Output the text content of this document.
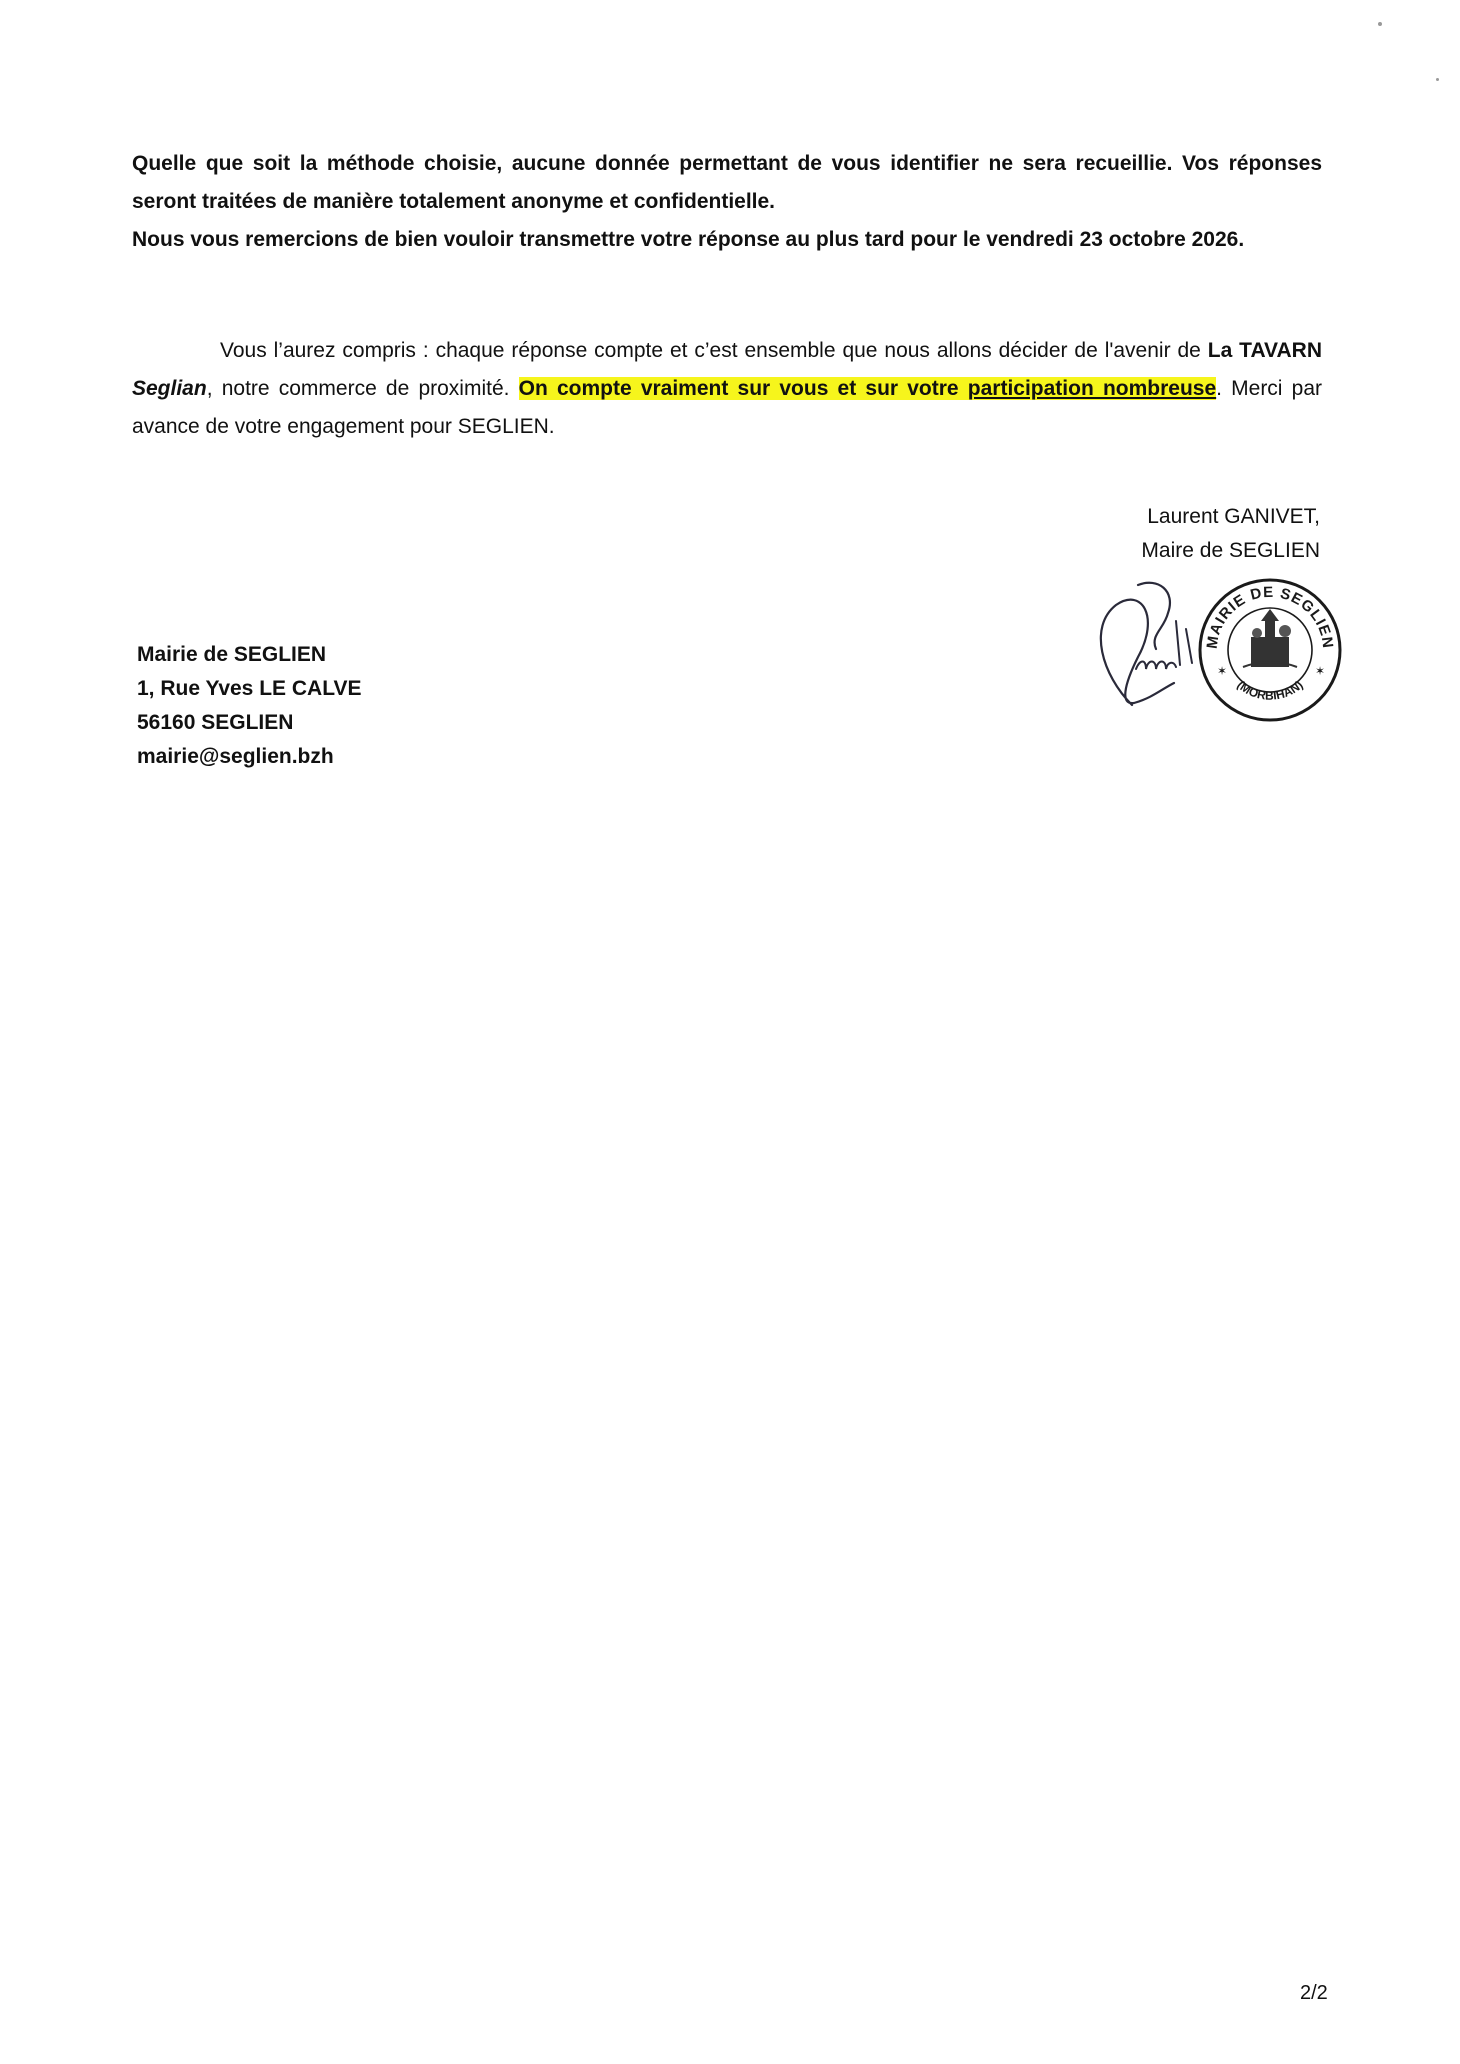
Quelle que soit la méthode choisie, aucune donnée permettant de vous identifier ne sera recueillie. Vos réponses seront traitées de manière totalement anonyme et confidentielle.
Nous vous remercions de bien vouloir transmettre votre réponse au plus tard pour le vendredi 23 octobre 2026.
Vous l’aurez compris : chaque réponse compte et c’est ensemble que nous allons décider de l'avenir de La TAVARN Seglian, notre commerce de proximité. On compte vraiment sur vous et sur votre participation nombreuse. Merci par avance de votre engagement pour SEGLIEN.
Laurent GANIVET,
Maire de SEGLIEN
MAIRIE DE SEGLIEN
(MORBIHAN)
✶	✶
Mairie de SEGLIEN
1, Rue Yves LE CALVE
56160 SEGLIEN
mairie@seglien.bzh
2/2
